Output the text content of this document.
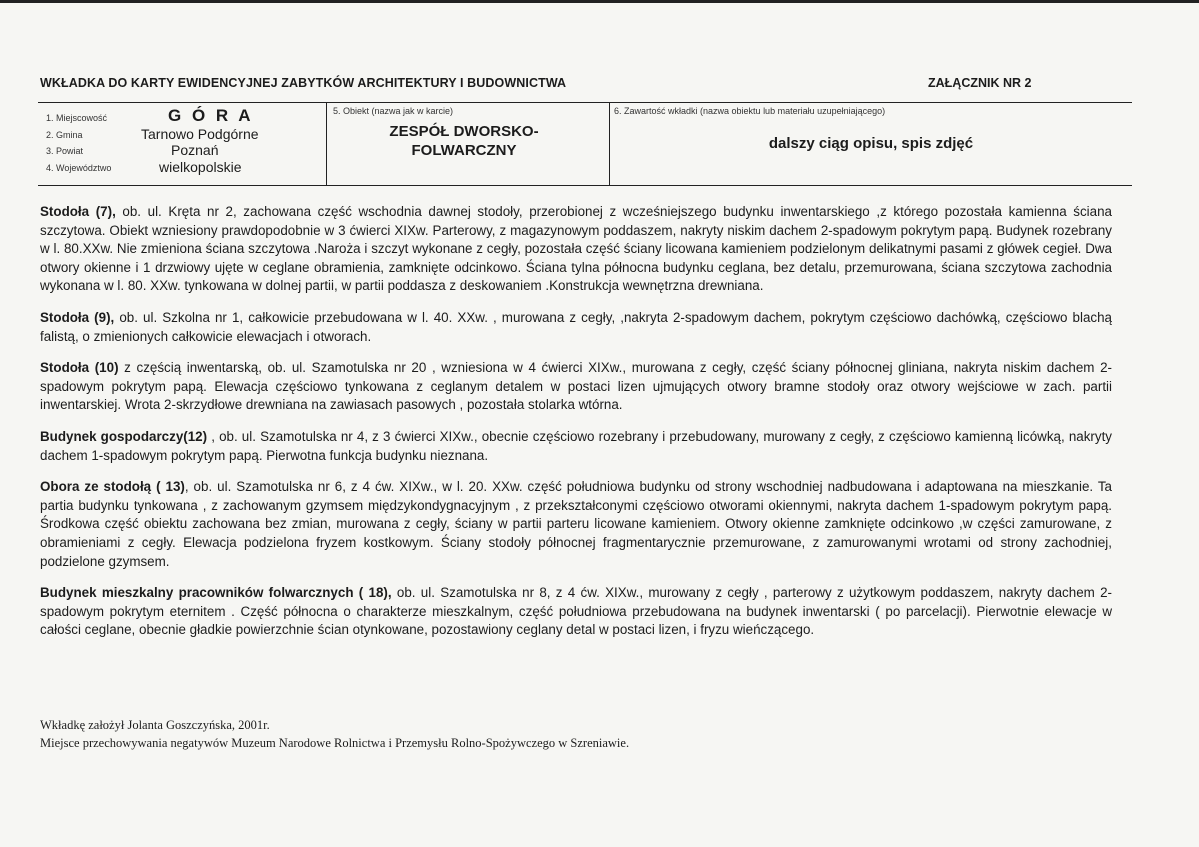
WKŁADKA DO KARTY EWIDENCYJNEJ ZABYTKÓW ARCHITEKTURY I BUDOWNICTWA	ZAŁĄCZNIK NR 2
1. Miejscowość	G Ó R A
2. Gmina	Tarnowo Podgórne
3. Powiat	Poznań
4. Województwo	wielkopolskie
5. Obiekt (nazwa jak w karcie)
ZESPÓŁ DWORSKO-
FOLWARCZNY
6. Zawartość wkładki (nazwa obiektu lub materiału uzupełniającego)
dalszy ciąg opisu, spis zdjęć

Stodoła (7), ob. ul. Kręta nr 2, zachowana część wschodnia dawnej stodoły, przerobionej z wcześniejszego budynku inwentarskiego ,z którego pozostała kamienna ściana szczytowa. Obiekt wzniesiony prawdopodobnie w 3 ćwierci XIXw. Parterowy, z magazynowym poddaszem, nakryty niskim dachem 2-spadowym pokrytym papą. Budynek rozebrany w l. 80.XXw. Nie zmieniona ściana szczytowa .Naroża i szczyt wykonane z cegły, pozostała część ściany licowana kamieniem podzielonym delikatnymi pasami z główek cegieł. Dwa otwory okienne i 1 drzwiowy ujęte w ceglane obramienia, zamknięte odcinkowo. Ściana tylna północna budynku ceglana, bez detalu, przemurowana, ściana szczytowa zachodnia wykonana w l. 80. XXw. tynkowana w dolnej partii, w partii poddasza z deskowaniem .Konstrukcja wewnętrzna drewniana.

Stodoła (9), ob. ul. Szkolna nr 1, całkowicie przebudowana w l. 40. XXw. , murowana z cegły, ,nakryta 2-spadowym dachem, pokrytym częściowo dachówką, częściowo blachą falistą, o zmienionych całkowicie elewacjach i otworach.

Stodoła (10) z częścią inwentarską, ob. ul. Szamotulska nr 20 , wzniesiona w 4 ćwierci XIXw., murowana z cegły, część ściany północnej gliniana, nakryta niskim dachem 2-spadowym pokrytym papą. Elewacja częściowo tynkowana z ceglanym detalem w postaci lizen ujmujących otwory bramne stodoły oraz otwory wejściowe w zach. partii inwentarskiej. Wrota 2-skrzydłowe drewniana na zawiasach pasowych , pozostała stolarka wtórna.

Budynek gospodarczy(12) , ob. ul. Szamotulska nr 4, z 3 ćwierci XIXw., obecnie częściowo rozebrany i przebudowany, murowany z cegły, z częściowo kamienną licówką, nakryty dachem 1-spadowym pokrytym papą. Pierwotna funkcja budynku nieznana.

Obora ze stodołą ( 13), ob. ul. Szamotulska nr 6, z 4 ćw. XIXw., w l. 20. XXw. część południowa budynku od strony wschodniej nadbudowana i adaptowana na mieszkanie. Ta partia budynku tynkowana , z zachowanym gzymsem międzykondygnacyjnym , z przekształconymi częściowo otworami okiennymi, nakryta dachem 1-spadowym pokrytym papą. Środkowa część obiektu zachowana bez zmian, murowana z cegły, ściany w partii parteru licowane kamieniem. Otwory okienne zamknięte odcinkowo ,w części zamurowane, z obramieniami z cegły. Elewacja podzielona fryzem kostkowym. Ściany stodoły północnej fragmentarycznie przemurowane, z zamurowanymi wrotami od strony zachodniej, podzielone gzymsem.

Budynek mieszkalny pracowników folwarcznych ( 18), ob. ul. Szamotulska nr 8, z 4 ćw. XIXw., murowany z cegły , parterowy z użytkowym poddaszem, nakryty dachem 2-spadowym pokrytym eternitem . Część północna o charakterze mieszkalnym, część południowa przebudowana na budynek inwentarski ( po parcelacji). Pierwotnie elewacje w całości ceglane, obecnie gładkie powierzchnie ścian otynkowane, pozostawiony ceglany detal w postaci lizen, i fryzu wieńczącego.

Wkładkę założył Jolanta Goszczyńska, 2001r.
Miejsce przechowywania negatywów Muzeum Narodowe Rolnictwa i Przemysłu Rolno-Spożywczego w Szreniawie.
